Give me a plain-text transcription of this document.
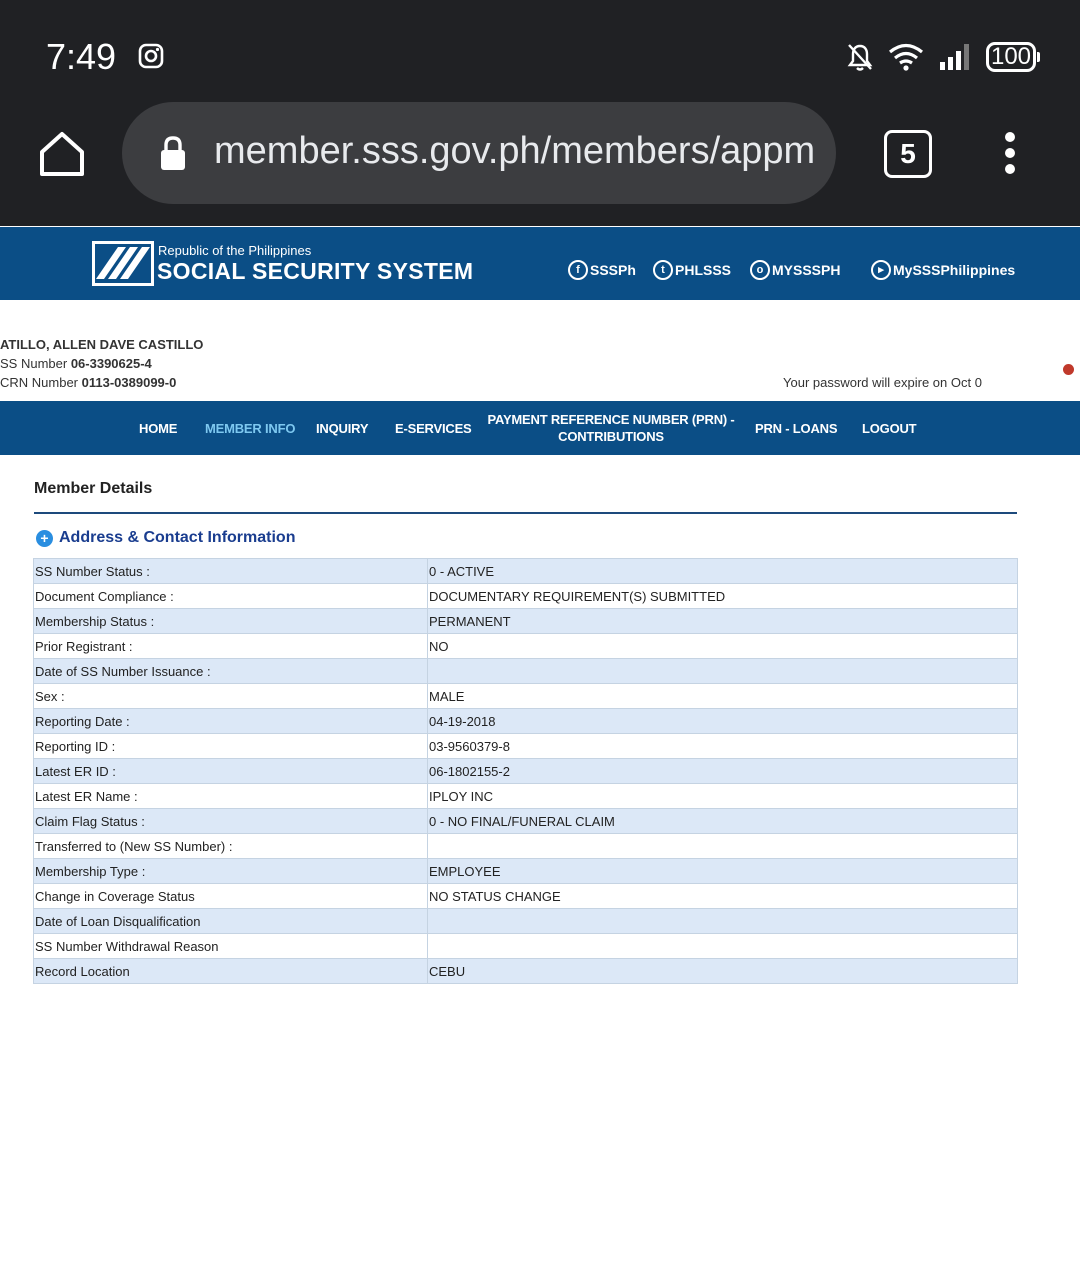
7:49	100
member.sss.gov.ph/members/appm	5
Republic of the Philippines
SOCIAL SECURITY SYSTEM	f SSSPh	t PHLSSS	o MYSSSPH	▸ MySSSPhilippines
ATILLO, ALLEN DAVE CASTILLO
SS Number 06-3390625-4
CRN Number 0113-0389099-0	Your password will expire on Oct 0
HOME MEMBER INFO INQUIRY E-SERVICES
PAYMENT REFERENCE NUMBER (PRN) -
CONTRIBUTIONS
PRN - LOANS LOGOUT
Member Details
+ Address & Contact Information
SS Number Status :	0 - ACTIVE
Document Compliance :	DOCUMENTARY REQUIREMENT(S) SUBMITTED
Membership Status :	PERMANENT
Prior Registrant :	NO
Date of SS Number Issuance :	
Sex :	MALE
Reporting Date :	04-19-2018
Reporting ID :	03-9560379-8
Latest ER ID :	06-1802155-2
Latest ER Name :	IPLOY INC
Claim Flag Status :	0 - NO FINAL/FUNERAL CLAIM
Transferred to (New SS Number) :	
Membership Type :	EMPLOYEE
Change in Coverage Status	NO STATUS CHANGE
Date of Loan Disqualification	
SS Number Withdrawal Reason	
Record Location	CEBU
